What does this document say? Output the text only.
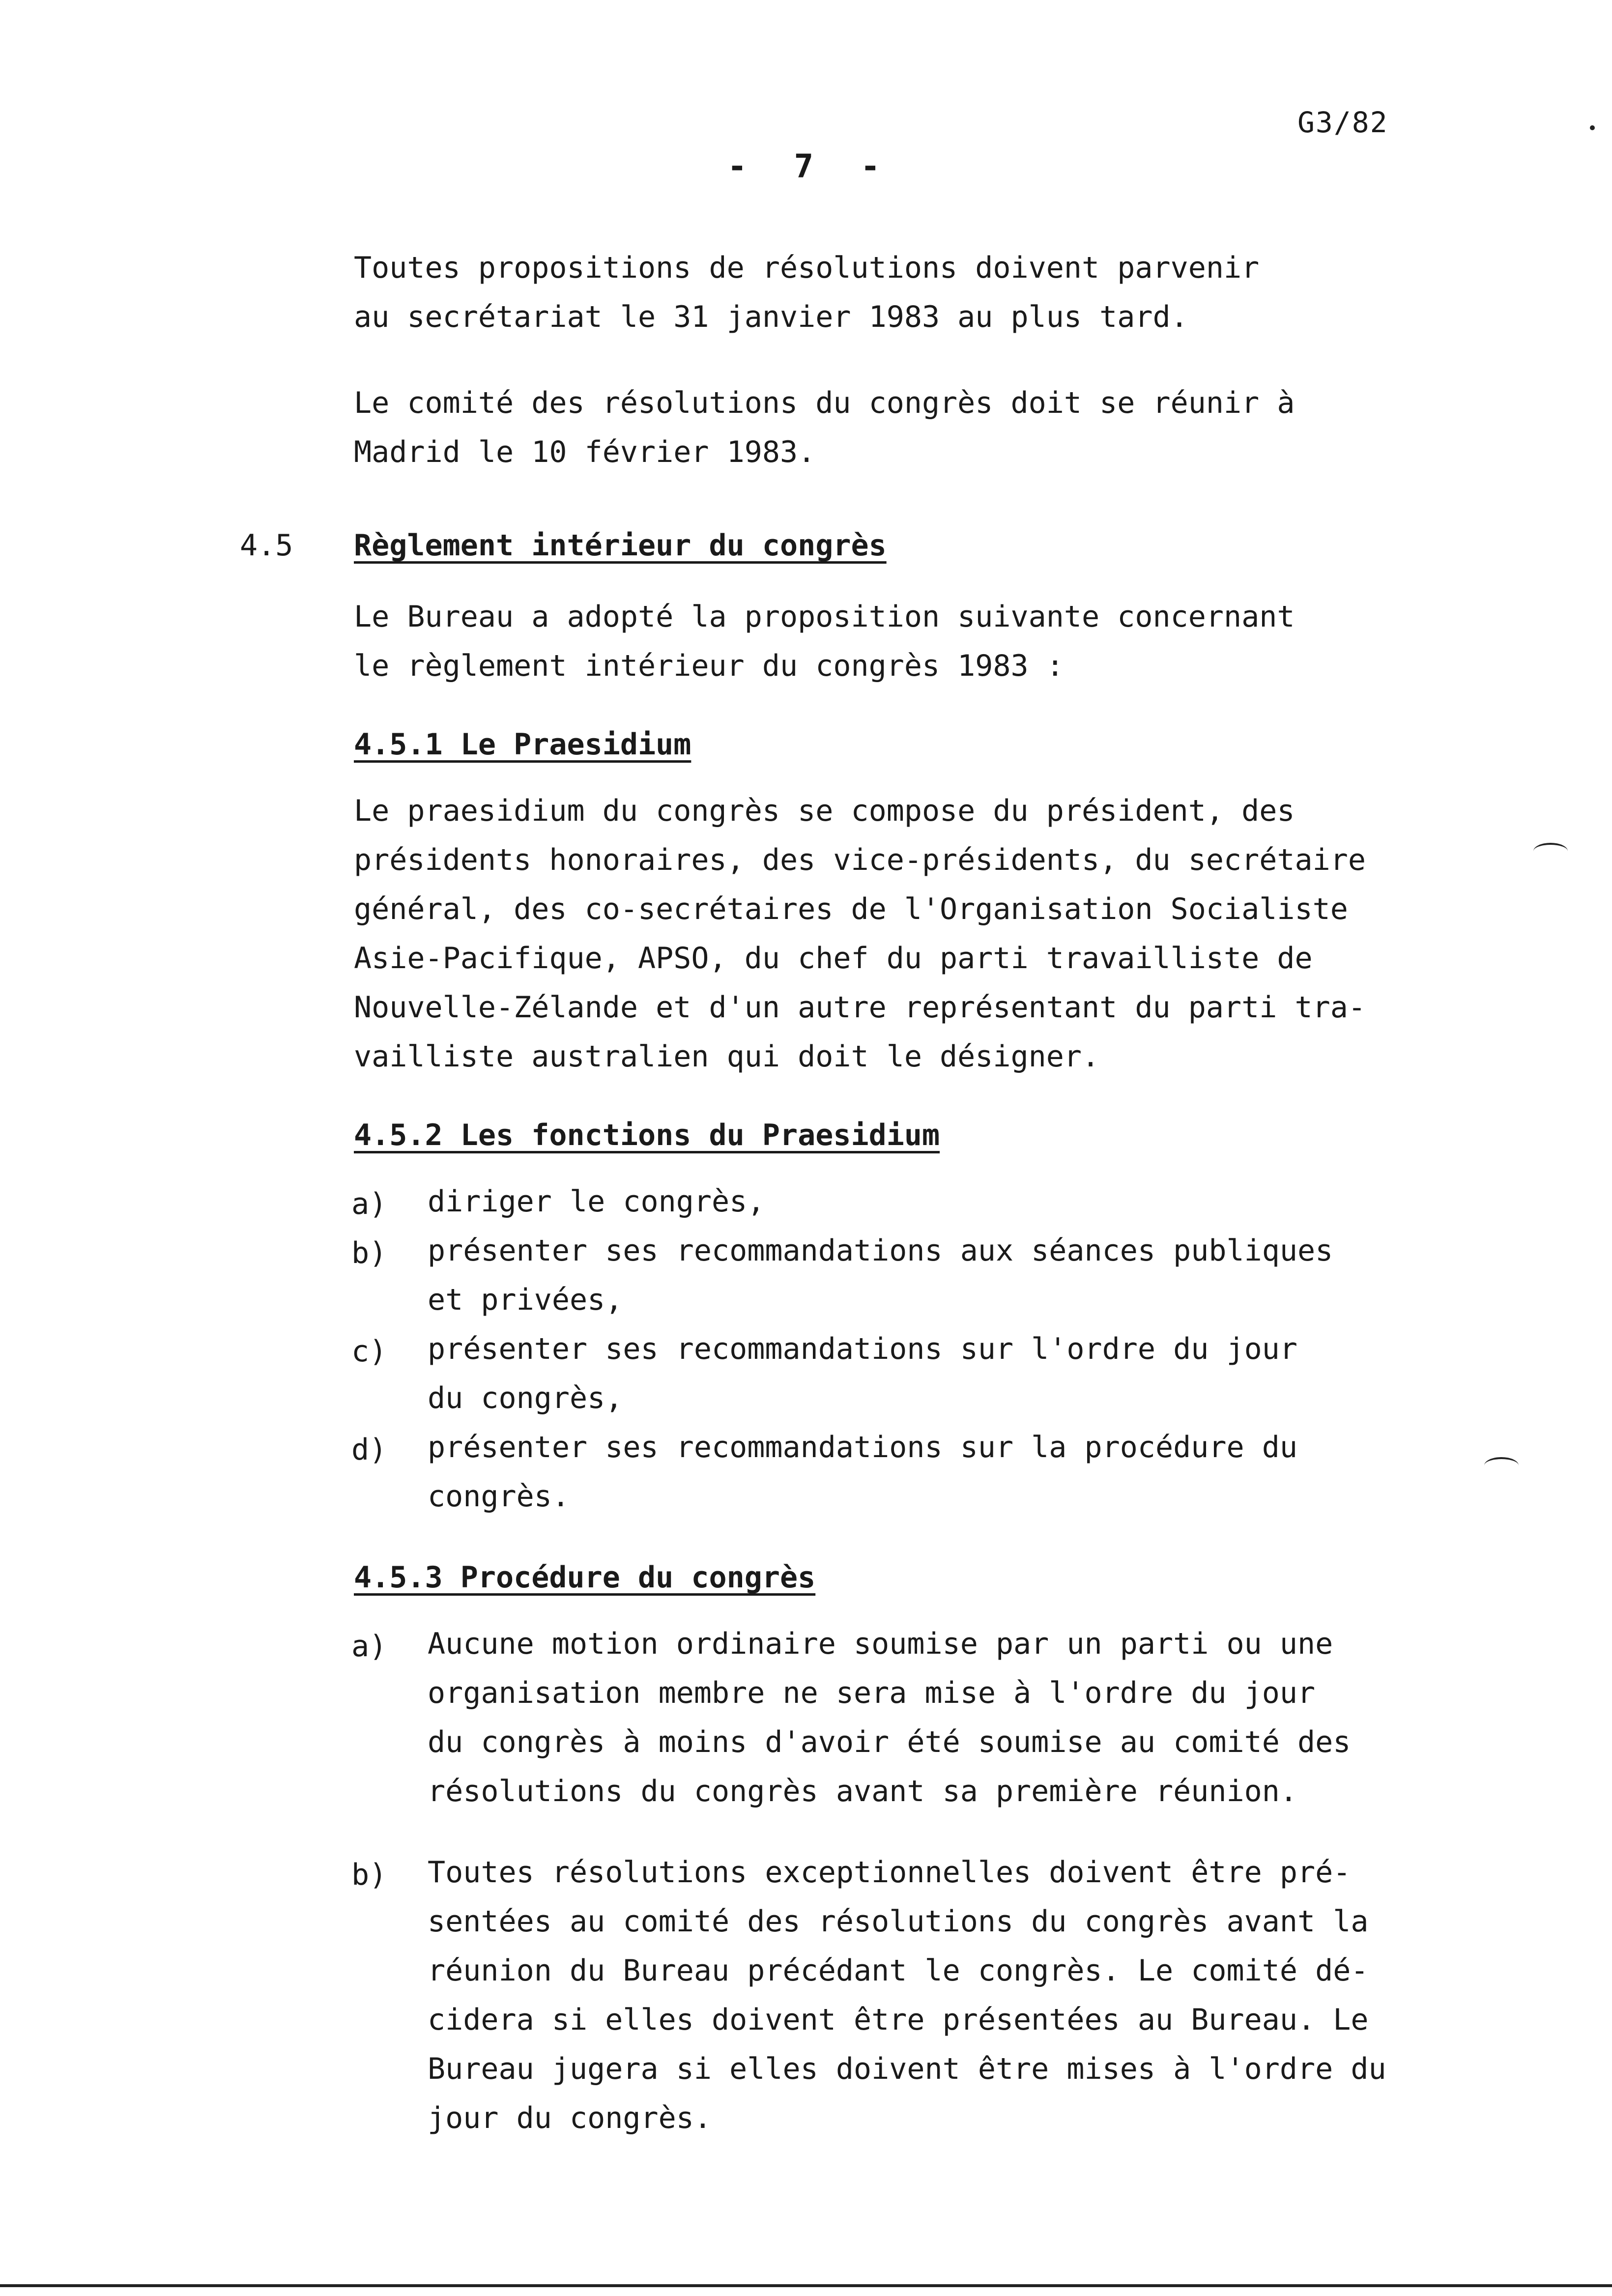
G3/82
- 7 -
Toutes propositions de résolutions doivent parvenir
au secrétariat le 31 janvier 1983 au plus tard.
Le comité des résolutions du congrès doit se réunir à
Madrid le 10 février 1983.
4.5 Règlement intérieur du congrès
Le Bureau a adopté la proposition suivante concernant
le règlement intérieur du congrès 1983 :
4.5.1 Le Praesidium
Le praesidium du congrès se compose du président, des
présidents honoraires, des vice-présidents, du secrétaire
général, des co-secrétaires de l'Organisation Socialiste
Asie-Pacifique, APSO, du chef du parti travailliste de
Nouvelle-Zélande et d'un autre représentant du parti tra-
vailliste australien qui doit le désigner.
4.5.2 Les fonctions du Praesidium
a) diriger le congrès,
b) présenter ses recommandations aux séances publiques
et privées,
c) présenter ses recommandations sur l'ordre du jour
du congrès,
d) présenter ses recommandations sur la procédure du
congrès.
4.5.3 Procédure du congrès
a) Aucune motion ordinaire soumise par un parti ou une
organisation membre ne sera mise à l'ordre du jour
du congrès à moins d'avoir été soumise au comité des
résolutions du congrès avant sa première réunion.
b) Toutes résolutions exceptionnelles doivent être pré-
sentées au comité des résolutions du congrès avant la
réunion du Bureau précédant le congrès. Le comité dé-
cidera si elles doivent être présentées au Bureau. Le
Bureau jugera si elles doivent être mises à l'ordre du
jour du congrès.
